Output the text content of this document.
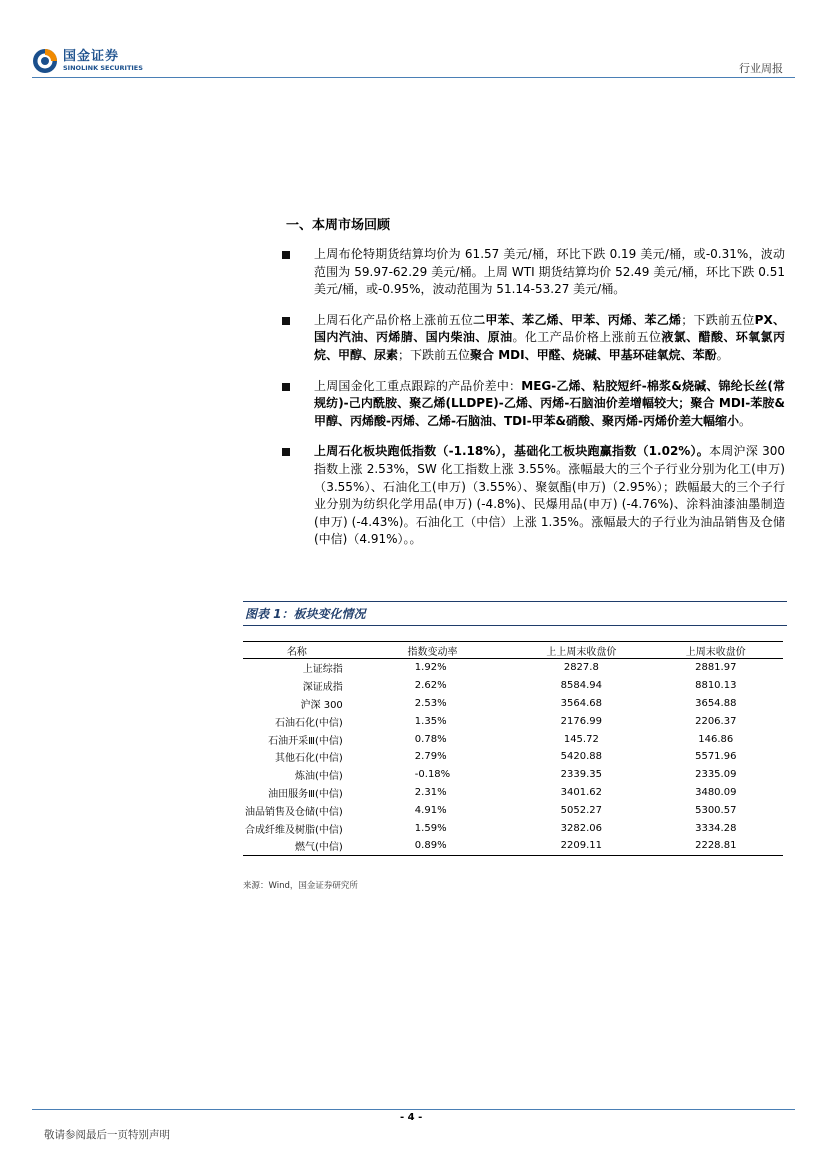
国金证券
SINOLINK SECURITIES	行业周报
一、本周市场回顾
上周布伦特期货结算均价为 61.57 美元/桶，环比下跌 0.19 美元/桶，或-0.31%，波动范围为 59.97-62.29 美元/桶。上周 WTI 期货结算均价 52.49 美元/桶，环比下跌 0.51 美元/桶，或-0.95%，波动范围为 51.14-53.27 美元/桶。
上周石化产品价格上涨前五位二甲苯、苯乙烯、甲苯、丙烯、苯乙烯；下跌前五位PX、国内汽油、丙烯腈、国内柴油、原油。化工产品价格上涨前五位液氯、醋酸、环氧氯丙烷、甲醇、尿素；下跌前五位聚合 MDI、甲醛、烧碱、甲基环硅氧烷、苯酚。
上周国金化工重点跟踪的产品价差中：MEG-乙烯、粘胶短纤-棉浆&烧碱、锦纶长丝(常规纺)-己内酰胺、聚乙烯(LLDPE)-乙烯、丙烯-石脑油价差增幅较大；聚合 MDI-苯胺&甲醇、丙烯酸-丙烯、乙烯-石脑油、TDI-甲苯&硝酸、聚丙烯-丙烯价差大幅缩小。
上周石化板块跑低指数（-1.18%），基础化工板块跑赢指数（1.02%）。本周沪深 300 指数上涨 2.53%，SW 化工指数上涨 3.55%。涨幅最大的三个子行业分别为化工(申万)（3.55%）、石油化工(申万)（3.55%）、聚氨酯(申万)（2.95%）；跌幅最大的三个子行业分别为纺织化学用品(申万) (-4.8%)、民爆用品(申万) (-4.76%)、涂料油漆油墨制造(申万) (-4.43%)。石油化工（中信）上涨 1.35%。涨幅最大的子行业为油品销售及仓储(中信)（4.91%）。。
图表 1：板块变化情况
名称	指数变动率	上上周末收盘价	上周末收盘价
上证综指	1.92%	2827.8	2881.97
深证成指	2.62%	8584.94	8810.13
沪深 300	2.53%	3564.68	3654.88
石油石化(中信)	1.35%	2176.99	2206.37
石油开采Ⅲ(中信)	0.78%	145.72	146.86
其他石化(中信)	2.79%	5420.88	5571.96
炼油(中信)	-0.18%	2339.35	2335.09
油田服务Ⅲ(中信)	2.31%	3401.62	3480.09
油品销售及仓储(中信)	4.91%	5052.27	5300.57
合成纤维及树脂(中信)	1.59%	3282.06	3334.28
燃气(中信)	0.89%	2209.11	2228.81
来源：Wind，国金证券研究所
- 4 -
敬请参阅最后一页特别声明
